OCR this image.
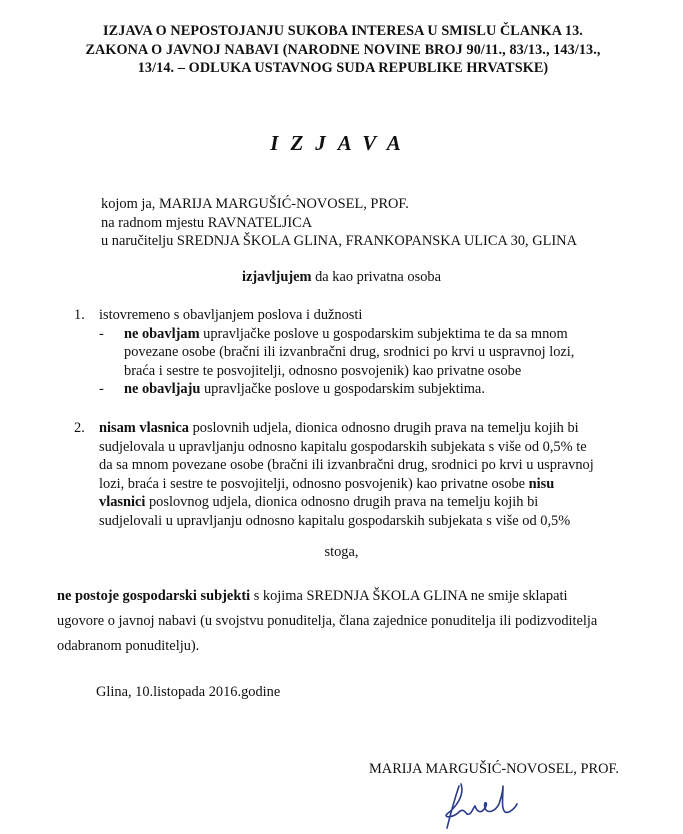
IZJAVA O NEPOSTOJANJU SUKOBA INTERESA U SMISLU ČLANKA 13.
ZAKONA O JAVNOJ NABAVI (NARODNE NOVINE BROJ 90/11., 83/13., 143/13.,
13/14. – ODLUKA USTAVNOG SUDA REPUBLIKE HRVATSKE)
IZJAVA
kojom ja, MARIJA MARGUŠIĆ-NOVOSEL, PROF.
na radnom mjestu RAVNATELJICA
u naručitelju SREDNJA ŠKOLA GLINA, FRANKOPANSKA ULICA 30, GLINA
izjavljujem da kao privatna osoba
1. istovremeno s obavljanjem poslova i dužnosti
- ne obavljam upravljačke poslove u gospodarskim subjektima te da sa mnom
povezane osobe (bračni ili izvanbračni drug, srodnici po krvi u uspravnoj lozi,
braća i sestre te posvojitelji, odnosno posvojenik) kao privatne osobe
- ne obavljaju upravljačke poslove u gospodarskim subjektima.
2. nisam vlasnica poslovnih udjela, dionica odnosno drugih prava na temelju kojih bi
sudjelovala u upravljanju odnosno kapitalu gospodarskih subjekata s više od 0,5% te
da sa mnom povezane osobe (bračni ili izvanbračni drug, srodnici po krvi u uspravnoj
lozi, braća i sestre te posvojitelji, odnosno posvojenik) kao privatne osobe nisu
vlasnici poslovnog udjela, dionica odnosno drugih prava na temelju kojih bi
sudjelovali u upravljanju odnosno kapitalu gospodarskih subjekata s više od 0,5%
stoga,
ne postoje gospodarski subjekti s kojima SREDNJA ŠKOLA GLINA ne smije sklapati
ugovore o javnoj nabavi (u svojstvu ponuditelja, člana zajednice ponuditelja ili podizvoditelja
odabranom ponuditelju).
Glina, 10.listopada 2016.godine
MARIJA MARGUŠIĆ-NOVOSEL, PROF.
